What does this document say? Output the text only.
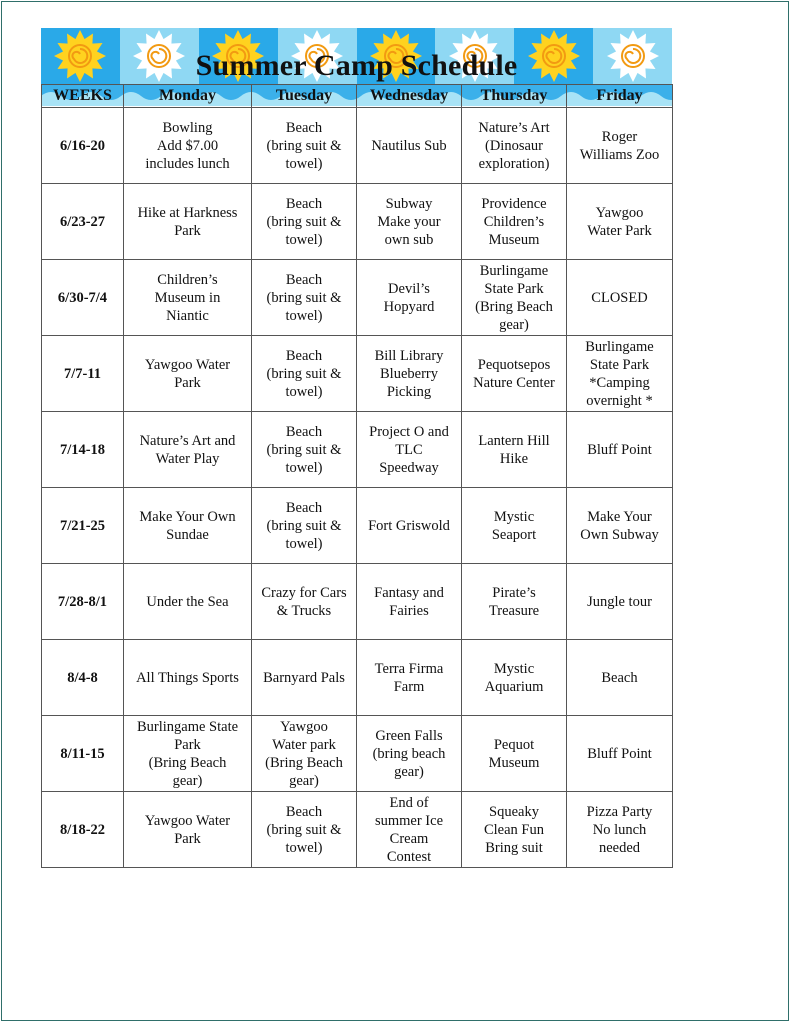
Summer Camp Schedule
WEEKS	Monday	Tuesday	Wednesday	Thursday	Friday
6/16-20	Bowling
Add $7.00
includes lunch	Beach
(bring suit &
towel)	Nautilus Sub	Nature’s Art
(Dinosaur
exploration)	Roger
Williams Zoo

6/23-27	Hike at Harkness
Park	Beach
(bring suit &
towel)	Subway
Make your
own sub	Providence
Children’s
Museum	Yawgoo
Water Park

6/30-7/4	Children’s
Museum in
Niantic	Beach
(bring suit &
towel)	Devil’s
Hopyard	Burlingame
State Park
(Bring Beach
gear)	CLOSED

7/7-11	Yawgoo Water
Park	Beach
(bring suit &
towel)	Bill Library
Blueberry
Picking	Pequotsepos
Nature Center	Burlingame
State Park
*Camping
overnight *

7/14-18	Nature’s Art and
Water Play	Beach
(bring suit &
towel)	Project O and
TLC
Speedway	Lantern Hill
Hike	Bluff Point

7/21-25	Make Your Own
Sundae	Beach
(bring suit &
towel)	Fort Griswold	Mystic
Seaport	Make Your
Own Subway

7/28-8/1	Under the Sea	Crazy for Cars
& Trucks	Fantasy and
Fairies	Pirate’s
Treasure	Jungle tour

8/4-8	All Things Sports	Barnyard Pals	Terra Firma
Farm	Mystic
Aquarium	Beach

8/11-15	Burlingame State
Park
(Bring Beach
gear)	Yawgoo
Water park
(Bring Beach
gear)	Green Falls
(bring beach
gear)	Pequot
Museum	Bluff Point

8/18-22	Yawgoo Water
Park	Beach
(bring suit &
towel)	End of
summer Ice
Cream
Contest	Squeaky
Clean Fun
Bring suit	Pizza Party
No lunch
needed
